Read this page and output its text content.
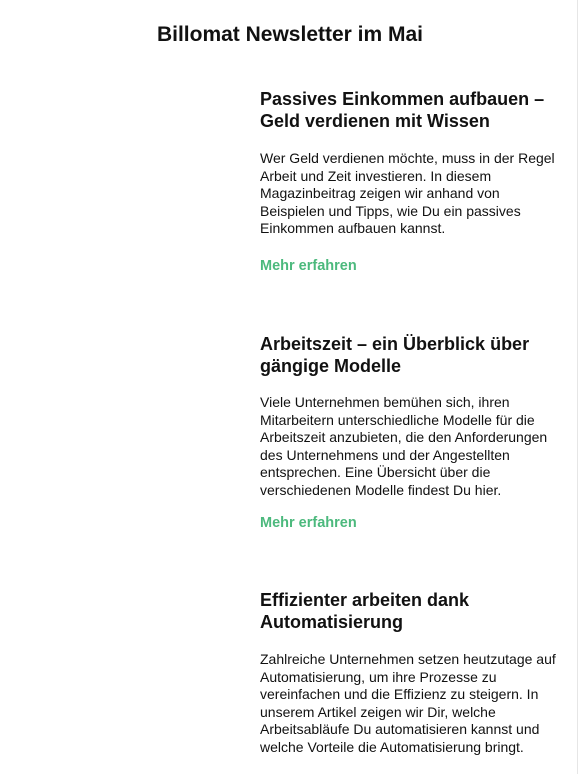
Billomat Newsletter im Mai
Passives Einkommen aufbauen – Geld verdienen mit Wissen

Wer Geld verdienen möchte, muss in der Regel Arbeit und Zeit investieren. In diesem Magazinbeitrag zeigen wir anhand von Beispielen und Tipps, wie Du ein passives Einkommen aufbauen kannst.

Mehr erfahren
Arbeitszeit – ein Überblick über gängige Modelle

Viele Unternehmen bemühen sich, ihren Mitarbeitern unterschiedliche Modelle für die Arbeitszeit anzubieten, die den Anforderungen des Unternehmens und der Angestellten entsprechen. Eine Übersicht über die verschiedenen Modelle findest Du hier.

Mehr erfahren
Effizienter arbeiten dank Automatisierung

Zahlreiche Unternehmen setzen heutzutage auf Automatisierung, um ihre Prozesse zu vereinfachen und die Effizienz zu steigern. In unserem Artikel zeigen wir Dir, welche Arbeitsabläufe Du automatisieren kannst und welche Vorteile die Automatisierung bringt.
